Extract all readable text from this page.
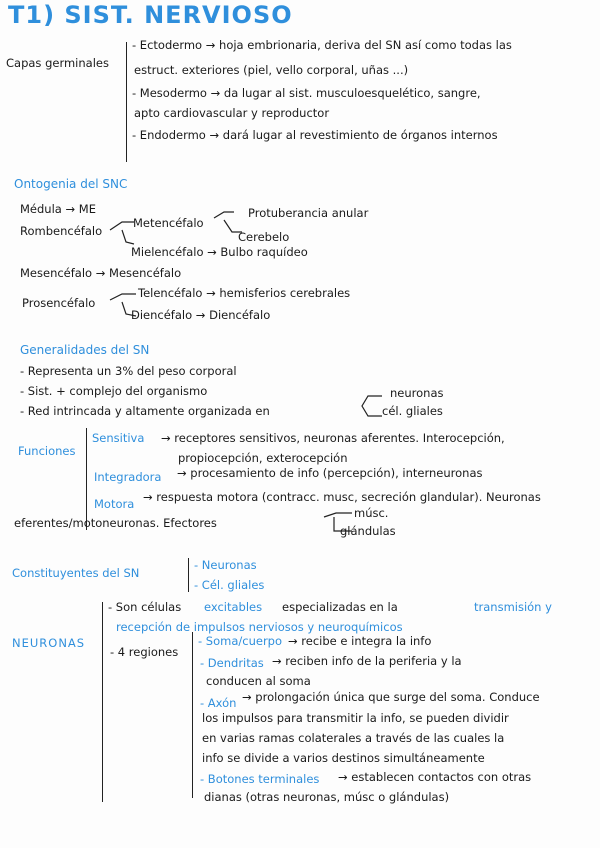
T1) SIST. NERVIOSO
Capas germinales
- Ectodermo → hoja embrionaria, deriva del SN así como todas las
estruct. exteriores (piel, vello corporal, uñas ...)
- Mesodermo → da lugar al sist. musculoesquelético, sangre,
apto cardiovascular y reproductor
- Endodermo → dará lugar al revestimiento de órganos internos
Ontogenia del SNC
Médula → ME
Rombencéfalo
Metencéfalo
Protuberancia anular
Cerebelo
Mielencéfalo → Bulbo raquídeo
Mesencéfalo → Mesencéfalo
Prosencéfalo
Telencéfalo → hemisferios cerebrales
Diencéfalo → Diencéfalo
Generalidades del SN
- Representa un 3% del peso corporal
- Sist. + complejo del organismo
- Red intrincada y altamente organizada en
neuronas
cél. gliales
Funciones
Sensitiva → receptores sensitivos, neuronas aferentes. Interocepción,
propiocepción, exterocepción
Integradora → procesamiento de info (percepción), interneuronas
Motora → respuesta motora (contracc. musc, secreción glandular). Neuronas
eferentes/motoneuronas. Efectores
músc.
glándulas
Constituyentes del SN
- Neuronas
- Cél. gliales
NEURONAS
- Son células excitables especializadas en la	transmisión y
recepción de impulsos nerviosos y neuroquímicos
- 4 regiones
- Soma/cuerpo → recibe e integra la info
- Dendritas → reciben info de la periferia y la
conducen al soma
- Axón → prolongación única que surge del soma. Conduce
los impulsos para transmitir la info, se pueden dividir
en varias ramas colaterales a través de las cuales la
info se divide a varios destinos simultáneamente
- Botones terminales → establecen contactos con otras
dianas (otras neuronas, músc o glándulas)
